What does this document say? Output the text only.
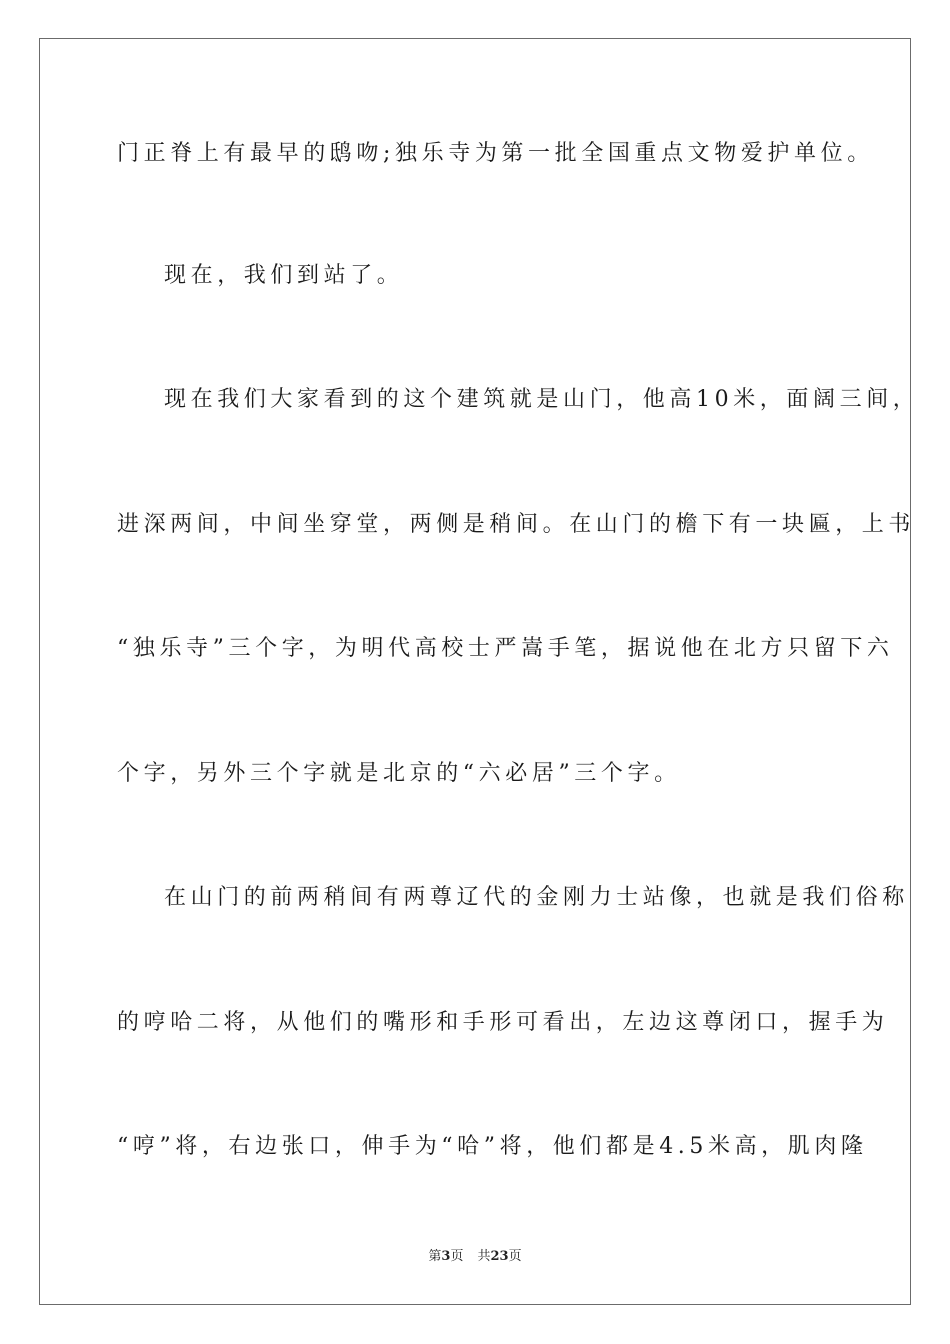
门正脊上有最早的鸱吻;独乐寺为第一批全国重点文物爱护单位。
现在，我们到站了。
现在我们大家看到的这个建筑就是山门，他高10米，面阔三间，
进深两间，中间坐穿堂，两侧是稍间。在山门的檐下有一块匾，上书
“独乐寺”三个字，为明代高校士严嵩手笔，据说他在北方只留下六
个字，另外三个字就是北京的“六必居”三个字。
在山门的前两稍间有两尊辽代的金刚力士站像，也就是我们俗称
的哼哈二将，从他们的嘴形和手形可看出，左边这尊闭口，握手为
“哼”将，右边张口，伸手为“哈”将，他们都是4.5米高，肌肉隆
第3页 共23页
